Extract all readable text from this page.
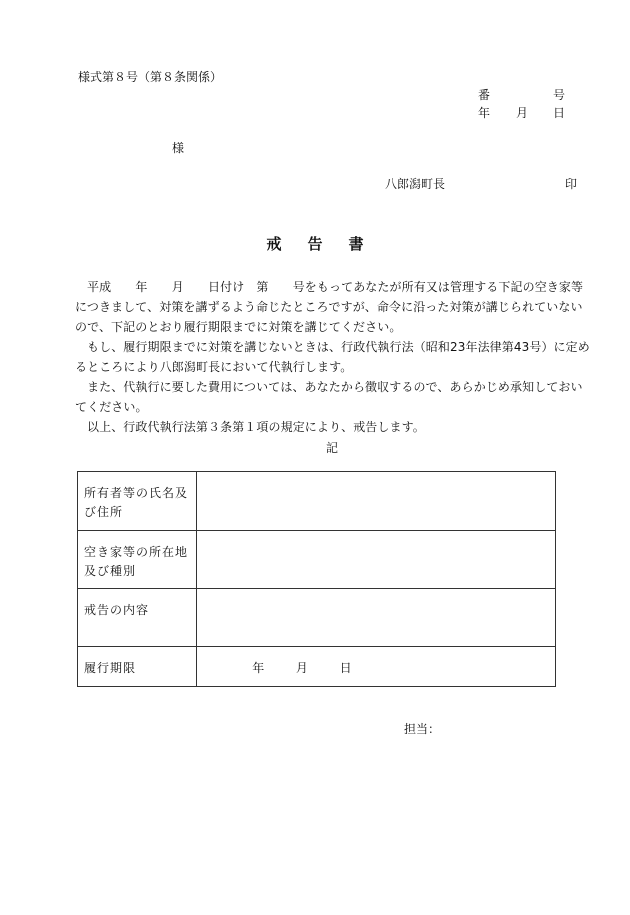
様式第８号（第８条関係）
番	号
年 月 日
様
八郎潟町長	印
戒告書

平成　　年　　月　　日付け　第　　号をもってあなたが所有又は管理する下記の空き家等につきまして、対策を講ずるよう命じたところですが、命令に沿った対策が講じられていないので、下記のとおり履行期限までに対策を講じてください。

もし、履行期限までに対策を講じないときは、行政代執行法（昭和23年法律第43号）に定めるところにより八郎潟町長において代執行します。

また、代執行に要した費用については、あなたから徴収するので、あらかじめ承知しておいてください。

以上、行政代執行法第３条第１項の規定により、戒告します。

記
所有者等の氏名及び住所	
空き家等の所在地及び種別	
戒告の内容	
履行期限	年 月 日
担当：
